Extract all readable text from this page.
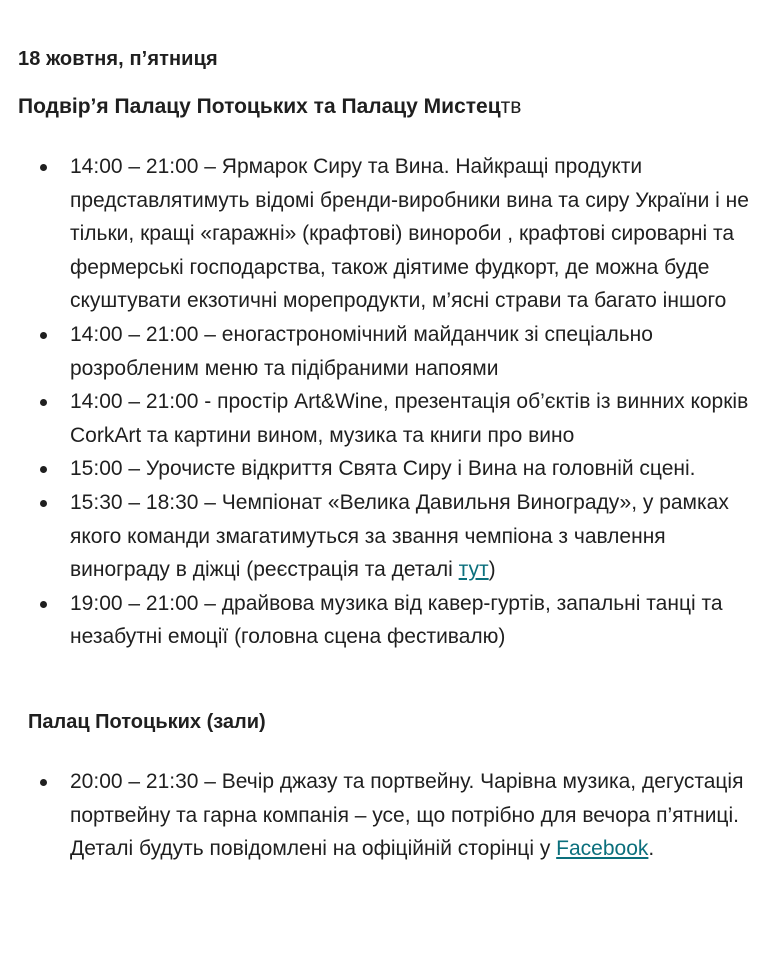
18 жовтня, п’ятниця
Подвір’я Палацу Потоцьких та Палацу Мистецтв
14:00 – 21:00 – Ярмарок Сиру та Вина. Найкращі продукти представлятимуть відомі бренди-виробники вина та сиру України і не тільки, кращі «гаражні» (крафтові) винороби , крафтові сироварні та фермерські господарства, також діятиме фудкорт, де можна буде скуштувати екзотичні морепродукти, м’ясні страви та багато іншого
14:00 – 21:00 – еногастрономічний майданчик зі спеціально розробленим меню та підібраними напоями
14:00 – 21:00 - простір Art&Wine, презентація об’єктів із винних корків CorkArt та картини вином, музика та книги про вино
15:00 – Урочисте відкриття Свята Сиру і Вина на головній сцені.
15:30 – 18:30 – Чемпіонат «Велика Давильня Винограду», у рамках якого команди змагатимуться за звання чемпіона з чавлення винограду в діжці (реєстрація та деталі тут)
19:00 – 21:00 – драйвова музика від кавер-гуртів, запальні танці та незабутні емоції (головна сцена фестивалю)
Палац Потоцьких (зали)
20:00 – 21:30 – Вечір джазу та портвейну. Чарівна музика, дегустація портвейну та гарна компанія – усе, що потрібно для вечора п’ятниці. Деталі будуть повідомлені на офіційній сторінці у Facebook.
